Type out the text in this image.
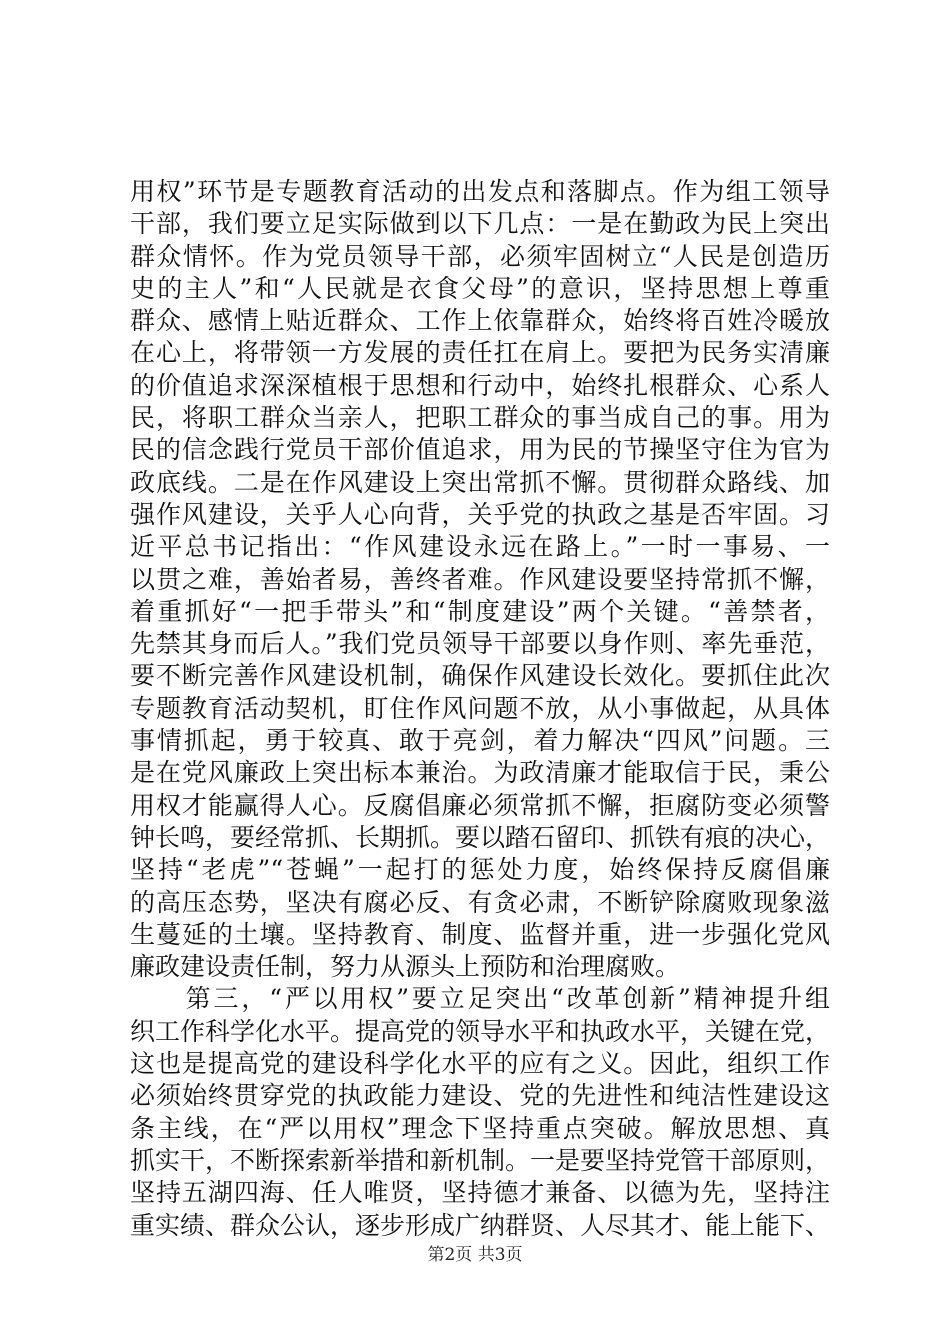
用权”环节是专题教育活动的出发点和落脚点。作为组工领导
干部，我们要立足实际做到以下几点：一是在勤政为民上突出
群众情怀。作为党员领导干部，必须牢固树立“人民是创造历
史的主人”和“人民就是衣食父母”的意识，坚持思想上尊重
群众、感情上贴近群众、工作上依靠群众，始终将百姓冷暖放
在心上，将带领一方发展的责任扛在肩上。要把为民务实清廉
的价值追求深深植根于思想和行动中，始终扎根群众、心系人
民，将职工群众当亲人，把职工群众的事当成自己的事。用为
民的信念践行党员干部价值追求，用为民的节操坚守住为官为
政底线。二是在作风建设上突出常抓不懈。贯彻群众路线、加
强作风建设，关乎人心向背，关乎党的执政之基是否牢固。习
近平总书记指出：“作风建设永远在路上。”一时一事易、一
以贯之难，善始者易，善终者难。作风建设要坚持常抓不懈，
着重抓好“一把手带头”和“制度建设”两个关键。“善禁者，
先禁其身而后人。”我们党员领导干部要以身作则、率先垂范，
要不断完善作风建设机制，确保作风建设长效化。要抓住此次
专题教育活动契机，盯住作风问题不放，从小事做起，从具体
事情抓起，勇于较真、敢于亮剑，着力解决“四风”问题。三
是在党风廉政上突出标本兼治。为政清廉才能取信于民，秉公
用权才能赢得人心。反腐倡廉必须常抓不懈，拒腐防变必须警
钟长鸣，要经常抓、长期抓。要以踏石留印、抓铁有痕的决心，
坚持“老虎”“苍蝇”一起打的惩处力度，始终保持反腐倡廉
的高压态势，坚决有腐必反、有贪必肃，不断铲除腐败现象滋
生蔓延的土壤。坚持教育、制度、监督并重，进一步强化党风
廉政建设责任制，努力从源头上预防和治理腐败。
　　第三，“严以用权”要立足突出“改革创新”精神提升组
织工作科学化水平。提高党的领导水平和执政水平，关键在党，
这也是提高党的建设科学化水平的应有之义。因此，组织工作
必须始终贯穿党的执政能力建设、党的先进性和纯洁性建设这
条主线，在“严以用权”理念下坚持重点突破。解放思想、真
抓实干，不断探索新举措和新机制。一是要坚持党管干部原则，
坚持五湖四海、任人唯贤，坚持德才兼备、以德为先，坚持注
重实绩、群众公认，逐步形成广纳群贤、人尽其才、能上能下、
第2页 共3页
